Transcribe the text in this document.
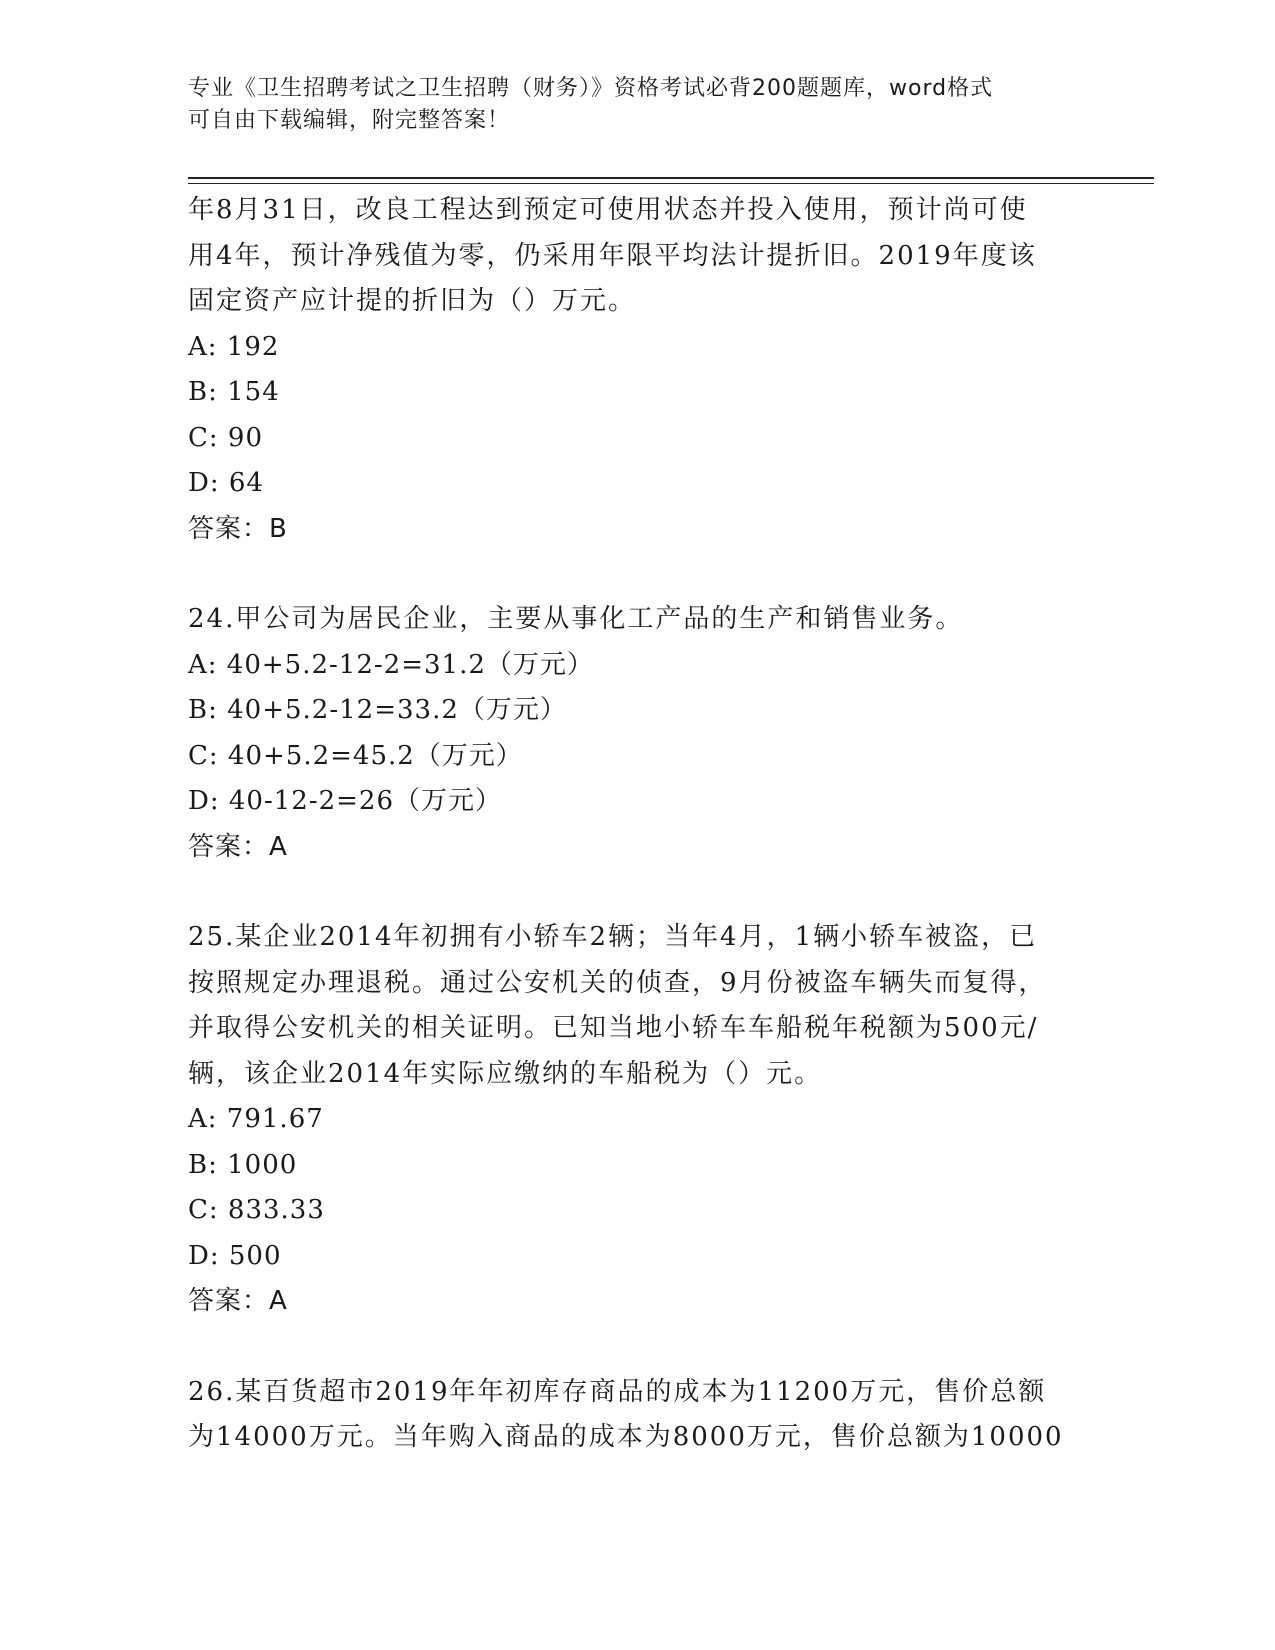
专业《卫生招聘考试之卫生招聘（财务）》资格考试必背200题题库，word格式
可自由下载编辑，附完整答案！

年8月31日，改良工程达到预定可使用状态并投入使用，预计尚可使

用4年，预计净残值为零，仍采用年限平均法计提折旧。2019年度该

固定资产应计提的折旧为（）万元。

A: 192

B: 154

C: 90

D: 64

答案：B

24.甲公司为居民企业，主要从事化工产品的生产和销售业务。

A: 40+5.2-12-2=31.2（万元）

B: 40+5.2-12=33.2（万元）

C: 40+5.2=45.2（万元）

D: 40-12-2=26（万元）

答案：A

25.某企业2014年初拥有小轿车2辆；当年4月，1辆小轿车被盗，已

按照规定办理退税。通过公安机关的侦查，9月份被盗车辆失而复得，

并取得公安机关的相关证明。已知当地小轿车车船税年税额为500元/

辆，该企业2014年实际应缴纳的车船税为（）元。

A: 791.67

B: 1000

C: 833.33

D: 500

答案：A

26.某百货超市2019年年初库存商品的成本为11200万元，售价总额

为14000万元。当年购入商品的成本为8000万元，售价总额为10000
